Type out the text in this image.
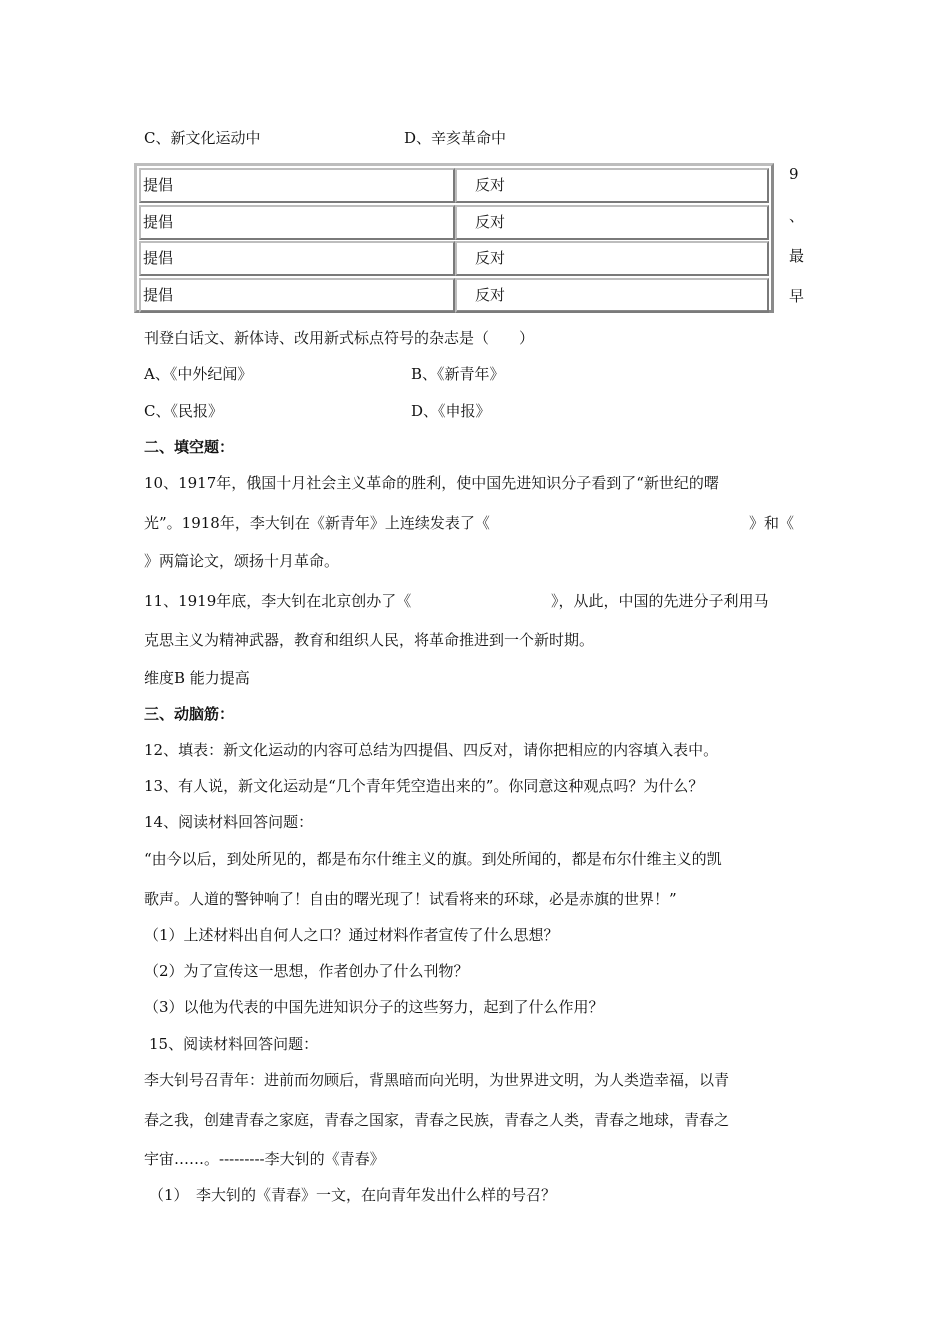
C、新文化运动中	D、辛亥革命中
提倡	反对
提倡	反对
提倡	反对
提倡	反对
9
、
最
早
刊登白话文、新体诗、改用新式标点符号的杂志是（　　）
A、《中外纪闻》	B、《新青年》
C、《民报》	D、《申报》
二、填空题：
10、1917年，俄国十月社会主义革命的胜利，使中国先进知识分子看到了“新世纪的曙
光”。1918年，李大钊在《新青年》上连续发表了《	》和《
》两篇论文，颂扬十月革命。
11、1919年底，李大钊在北京创办了《	》，从此，中国的先进分子利用马
克思主义为精神武器，教育和组织人民，将革命推进到一个新时期。
维度B 能力提高
三、动脑筋：
12、填表：新文化运动的内容可总结为四提倡、四反对，请你把相应的内容填入表中。
13、有人说，新文化运动是“几个青年凭空造出来的”。你同意这种观点吗？为什么？
14、阅读材料回答问题：
“由今以后，到处所见的，都是布尔什维主义的旗。到处所闻的，都是布尔什维主义的凯
歌声。人道的警钟响了！自由的曙光现了！试看将来的环球，必是赤旗的世界！”
（1）上述材料出自何人之口？通过材料作者宣传了什么思想？
（2）为了宣传这一思想，作者创办了什么刊物？
（3）以他为代表的中国先进知识分子的这些努力，起到了什么作用？
15、阅读材料回答问题：
李大钊号召青年：进前而勿顾后，背黑暗而向光明，为世界进文明，为人类造幸福，以青
春之我，创建青春之家庭，青春之国家，青春之民族，青春之人类，青春之地球，青春之
宇宙……。---------李大钊的《青春》
（1）　李大钊的《青春》一文，在向青年发出什么样的号召？
